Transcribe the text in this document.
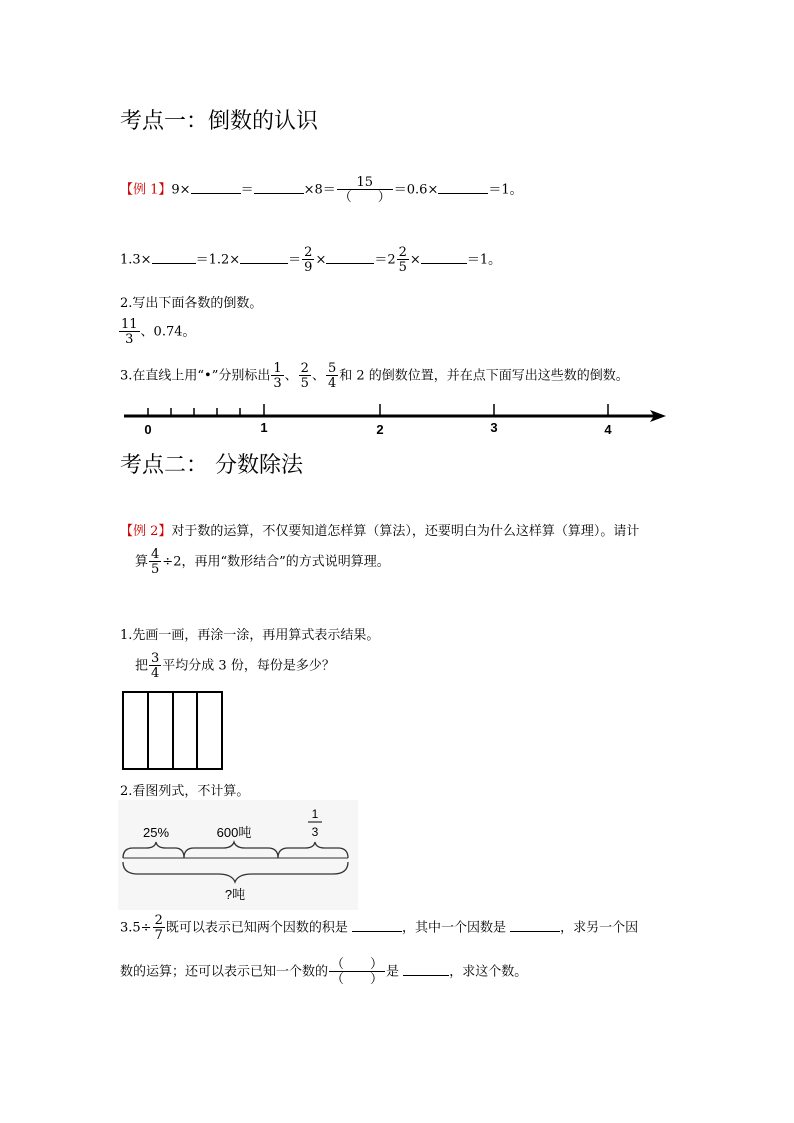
考点一：倒数的认识
【例 1】9×	＝	$\times 8= \frac{15}{( )} =0.6\times$	＝1。
1.3×	＝1.2×	＝ $\frac{2}{9}$ ×	$=2 \frac{2}{5}$ ×	＝1。
2.写出下面各数的倒数。
$\frac{11}{3}$ 、0.74。
3.在直线上用“•”分别标出 $\frac{1}{3}$ 、 $\frac{2}{5}$ 、 $\frac{5}{4}$ 和 2 的倒数位置，并在点下面写出这些数的倒数。
0	1	2	3	4
考点二： 分数除法
【例 2】对于数的运算，不仅要知道怎样算（算法），还要明白为什么这样算（算理）。请计
算 $\frac{4}{5} \div 2$，再用“数形结合”的方式说明算理。
1.先画一画，再涂一涂，再用算式表示结果。
把 $\frac{3}{4}$ 平均分成 3 份，每份是多少？
2.看图列式，不计算。
25%	600吨
1
3
?吨
$3.5\div \frac{2}{7}$ 既可以表示已知两个因数的积是	，其中一个因数是	，求另一个因
数的运算；还可以表示已知一个数的 $\frac{( )}{( )}$ 是	，求这个数。
